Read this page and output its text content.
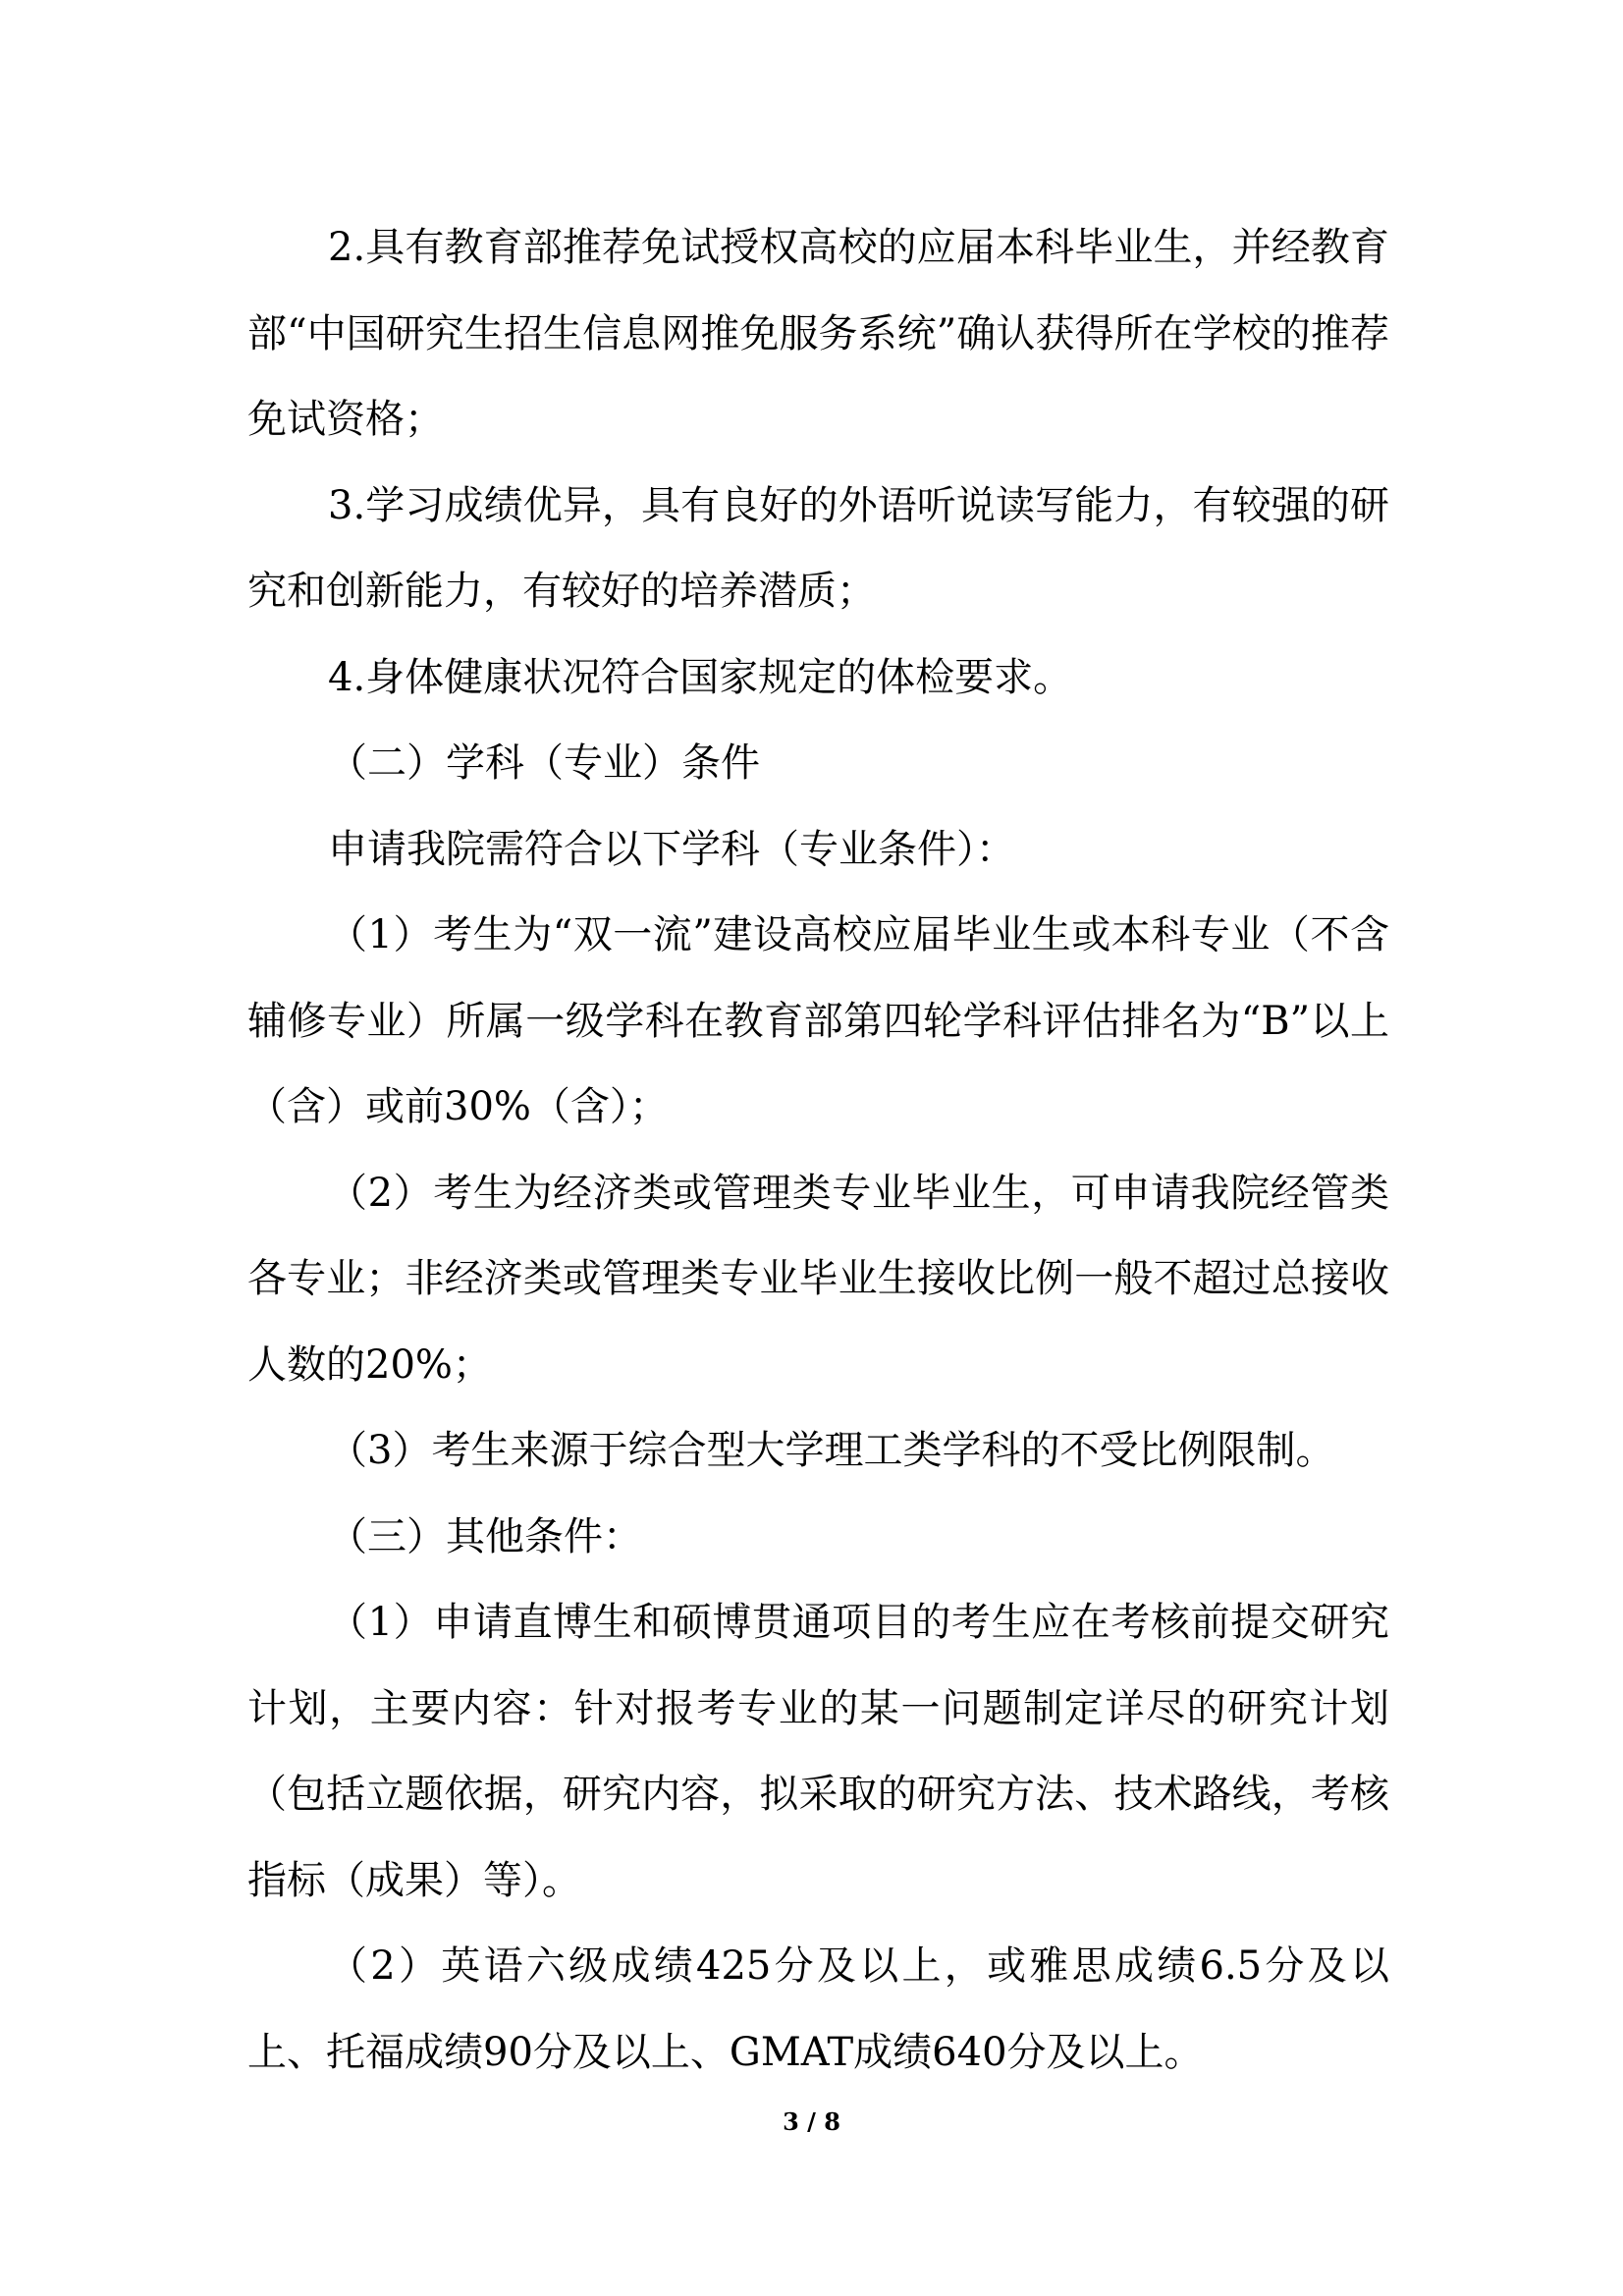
2.具有教育部推荐免试授权高校的应届本科毕业生，并经教育部“中国研究生招生信息网推免服务系统”确认获得所在学校的推荐免试资格；

3.学习成绩优异，具有良好的外语听说读写能力，有较强的研究和创新能力，有较好的培养潜质；

4.身体健康状况符合国家规定的体检要求。

（二）学科（专业）条件

申请我院需符合以下学科（专业条件）：

（1）考生为“双一流”建设高校应届毕业生或本科专业（不含辅修专业）所属一级学科在教育部第四轮学科评估排名为“B”以上（含）或前30%（含）；

（2）考生为经济类或管理类专业毕业生，可申请我院经管类各专业；非经济类或管理类专业毕业生接收比例一般不超过总接收人数的20%；

（3）考生来源于综合型大学理工类学科的不受比例限制。

（三）其他条件：

（1）申请直博生和硕博贯通项目的考生应在考核前提交研究计划，主要内容：针对报考专业的某一问题制定详尽的研究计划（包括立题依据，研究内容，拟采取的研究方法、技术路线，考核指标（成果）等）。

（2）英语六级成绩425分及以上，或雅思成绩6.5分及以上、托福成绩90分及以上、GMAT成绩640分及以上。

3 / 8
